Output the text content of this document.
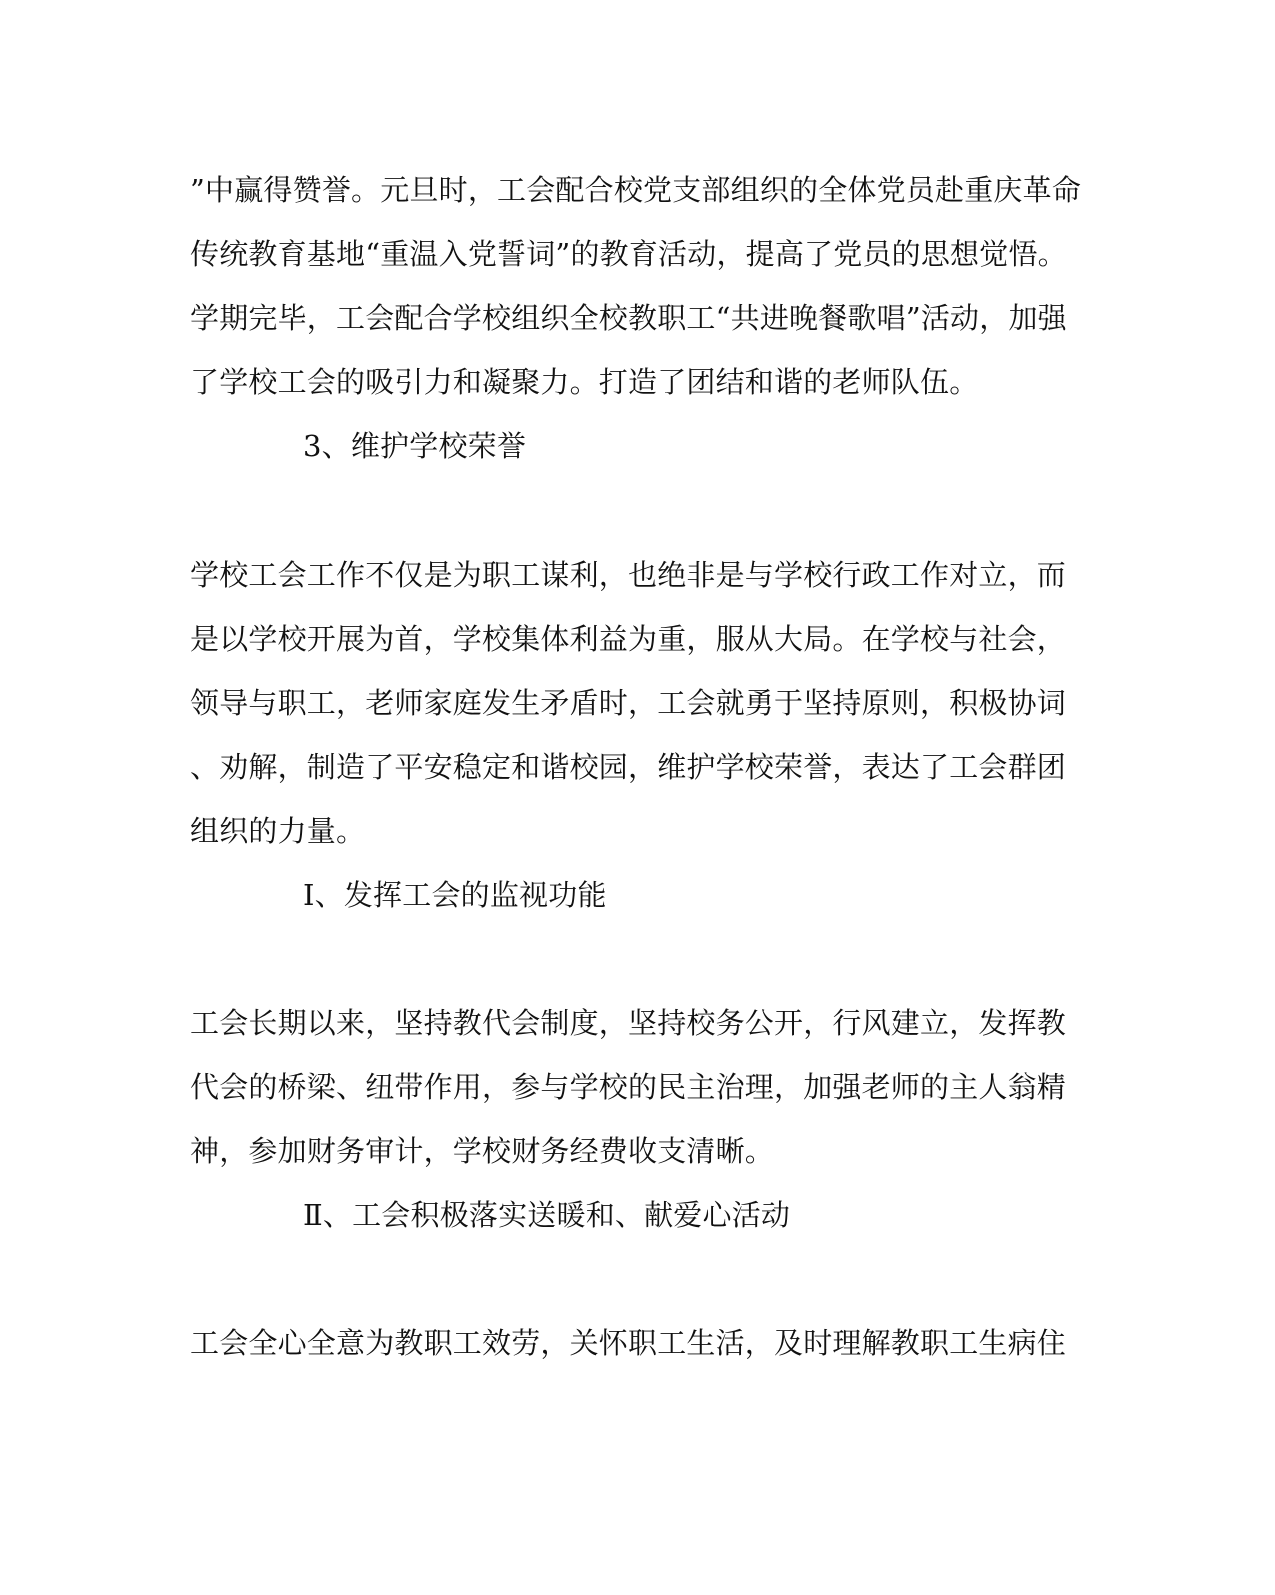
”中赢得赞誉。元旦时，工会配合校党支部组织的全体党员赴重庆革命
传统教育基地“重温入党誓词”的教育活动，提高了党员的思想觉悟。
学期完毕，工会配合学校组织全校教职工“共进晚餐歌唱”活动，加强
了学校工会的吸引力和凝聚力。打造了团结和谐的老师队伍。
3、维护学校荣誉
学校工会工作不仅是为职工谋利，也绝非是与学校行政工作对立，而
是以学校开展为首，学校集体利益为重，服从大局。在学校与社会，
领导与职工，老师家庭发生矛盾时，工会就勇于坚持原则，积极协词
、劝解，制造了平安稳定和谐校园，维护学校荣誉，表达了工会群团
组织的力量。
Ⅰ、发挥工会的监视功能
工会长期以来，坚持教代会制度，坚持校务公开，行风建立，发挥教
代会的桥梁、纽带作用，参与学校的民主治理，加强老师的主人翁精
神，参加财务审计，学校财务经费收支清晰。
Ⅱ、工会积极落实送暖和、献爱心活动
工会全心全意为教职工效劳，关怀职工生活，及时理解教职工生病住
